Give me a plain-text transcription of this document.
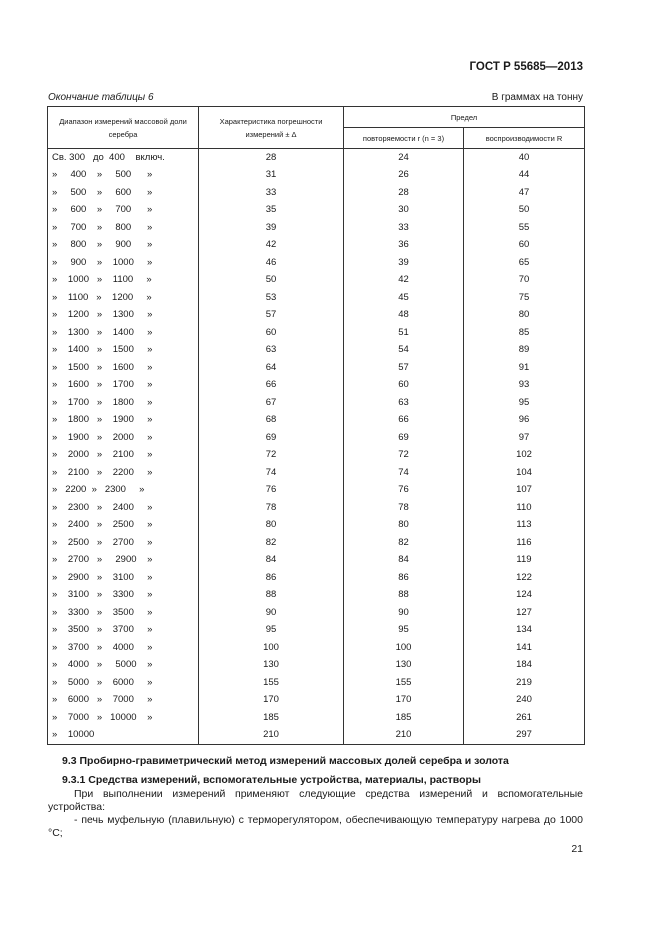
ГОСТ Р 55685—2013
Окончание таблицы 6	В граммах на тонну
Диапазон измерений массовой доли серебра	Характеристика погрешности измерений ± Δ	Предел	
		повторяемости r (n = 3)	воспроизводимости R
Св. 300   до  400    включ.	28	24	40
»     400    »     500      »	31	26	44
»     500    »     600      »	33	28	47
»     600    »     700      »	35	30	50
»     700    »     800      »	39	33	55
»     800    »     900      »	42	36	60
»     900    »    1000     »	46	39	65
»    1000   »    1100     »	50	42	70
»    1100   »    1200     »	53	45	75
»    1200   »    1300     »	57	48	80
»    1300   »    1400     »	60	51	85
»    1400   »    1500     »	63	54	89
»    1500   »    1600     »	64	57	91
»    1600   »    1700     »	66	60	93
»    1700   »    1800     »	67	63	95
»    1800   »    1900     »	68	66	96
»    1900   »    2000     »	69	69	97
»    2000   »    2100     »	72	72	102
»    2100   »    2200     »	74	74	104
»   2200  »   2300     »	76	76	107
»    2300   »    2400     »	78	78	110
»    2400   »    2500     »	80	80	113
»    2500   »    2700     »	82	82	116
»    2700   »     2900    »	84	84	119
»    2900   »    3100     »	86	86	122
»    3100   »    3300     »	88	88	124
»    3300   »    3500     »	90	90	127
»    3500   »    3700     »	95	95	134
»    3700   »    4000     »	100	100	141
»    4000   »     5000    »	130	130	184
»    5000   »    6000     »	155	155	219
»    6000   »    7000     »	170	170	240
»    7000   »   10000    »	185	185	261
»    10000	210	210	297
9.3 Пробирно-гравиметрический метод измерений массовых долей серебра и золота
9.3.1 Средства измерений, вспомогательные устройства, материалы, растворы
При выполнении измерений применяют следующие средства измерений и вспомогательные устройства:
- печь муфельную (плавильную) с терморегулятором, обеспечивающую температуру нагрева до 1000 °С;
21
